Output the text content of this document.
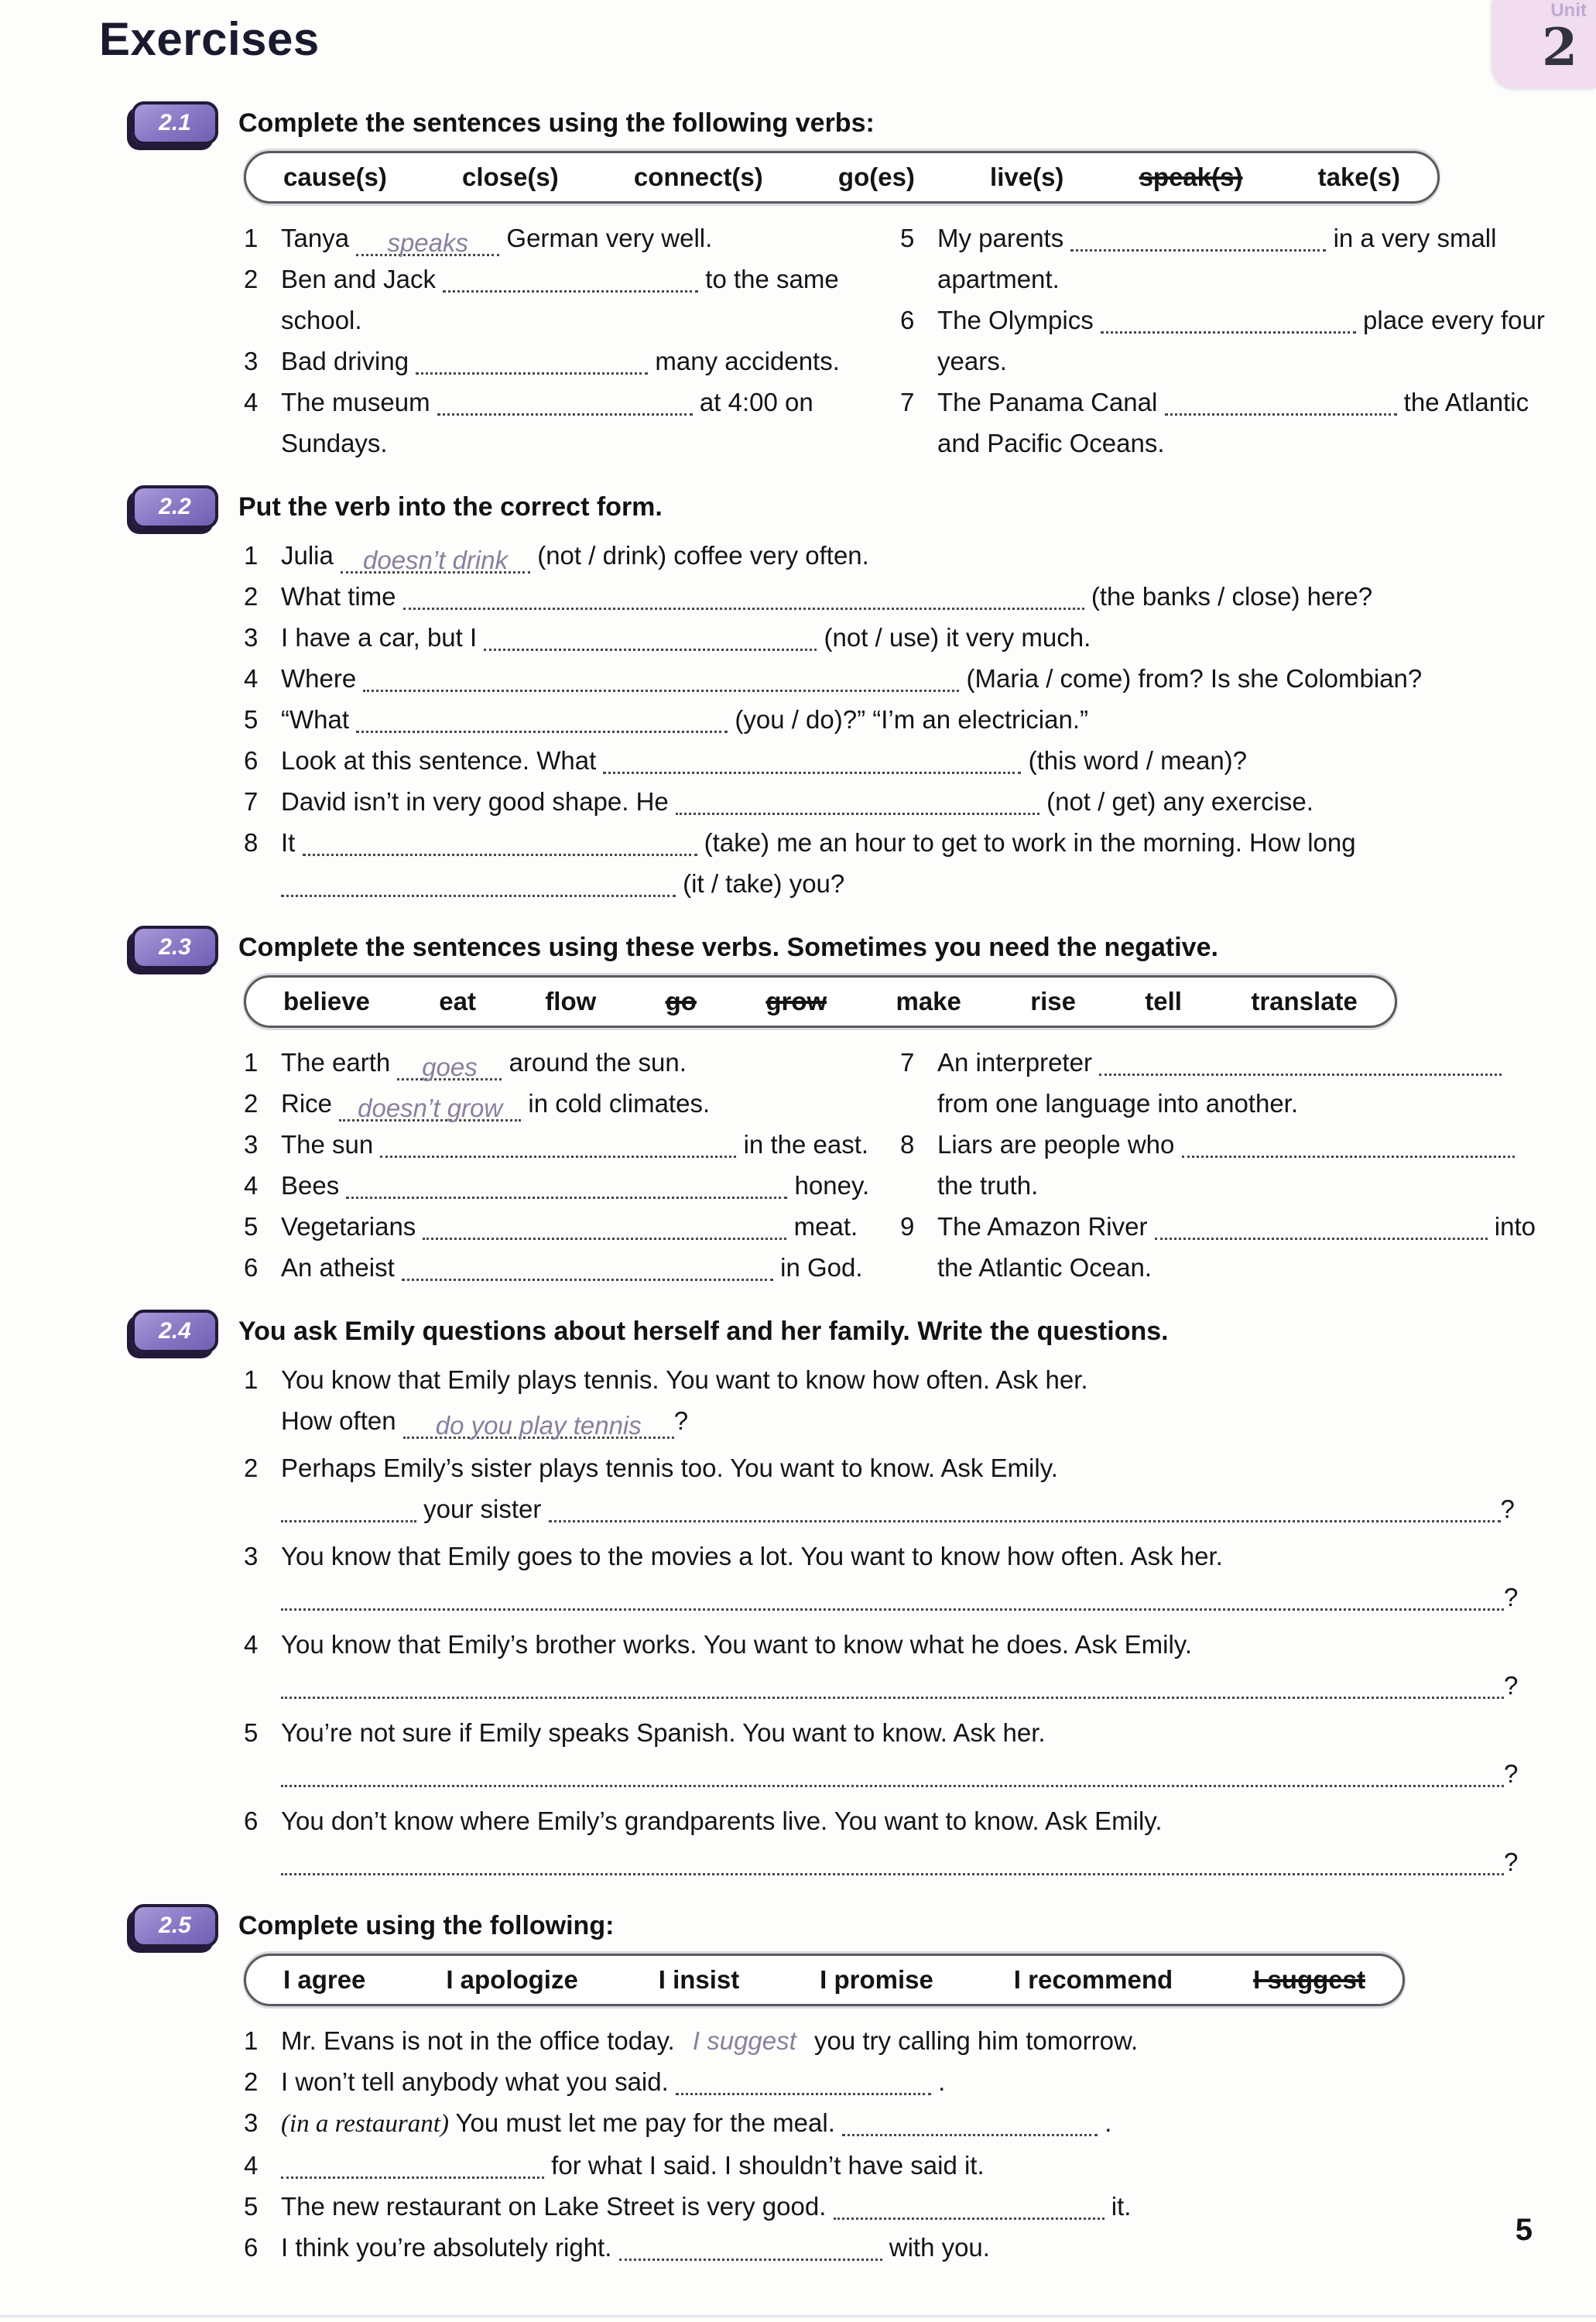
Unit
2
Exercises
2.1	Complete the sentences using the following verbs:
cause(s)	close(s)	connect(s)	go(es)	live(s)	speak(s)	take(s)
1 Tanya	speaks	German very well.
2 Ben and Jack	to the same school.
3 Bad driving	many accidents.
4 The museum	at 4:00 on Sundays.
5 My parents	in a very small apartment.
6 The Olympics	place every four years.
7 The Panama Canal	the Atlantic and Pacific Oceans.
2.2	Put the verb into the correct form.
1 Julia doesn’t drink (not / drink) coffee very often.
2 What time	(the banks / close) here?
3 I have a car, but I	(not / use) it very much.
4 Where	(Maria / come) from? Is she Colombian?
5 “What	(you / do)?” “I’m an electrician.”
6 Look at this sentence. What	(this word / mean)?
7 David isn’t in very good shape. He	(not / get) any exercise.
8 It	(take) me an hour to get to work in the morning. How long
(it / take) you?
2.3	Complete the sentences using these verbs. Sometimes you need the negative.
believe	eat	flow	go	grow	make	rise	tell	translate
1 The earth goes around the sun.
2 Rice doesn’t grow in cold climates.
3 The sun	in the east.
4 Bees	honey.
5 Vegetarians	meat.
6 An atheist	in God.
7 An interpreter  from one language into another.
8 Liars are people who  the truth.
9 The Amazon River	into the Atlantic Ocean.
2.4	You ask Emily questions about herself and her family. Write the questions.
1 You know that Emily plays tennis. You want to know how often. Ask her.
How often	do you play tennis	?
2 Perhaps Emily’s sister plays tennis too. You want to know. Ask Emily.
your sister	?
3 You know that Emily goes to the movies a lot. You want to know how often. Ask her.
?
4 You know that Emily’s brother works. You want to know what he does. Ask Emily.
?
5 You’re not sure if Emily speaks Spanish. You want to know. Ask her.
?
6 You don’t know where Emily’s grandparents live. You want to know. Ask Emily.
?
2.5	Complete using the following:
I agree	I apologize	I insist	I promise	I recommend	I suggest
1 Mr. Evans is not in the office today. I suggest you try calling him tomorrow.
2 I won’t tell anybody what you said.	.
3 (in a restaurant) You must let me pay for the meal.	.
4	for what I said. I shouldn’t have said it.
5 The new restaurant on Lake Street is very good.	it.
6 I think you’re absolutely right.	with you.
5
